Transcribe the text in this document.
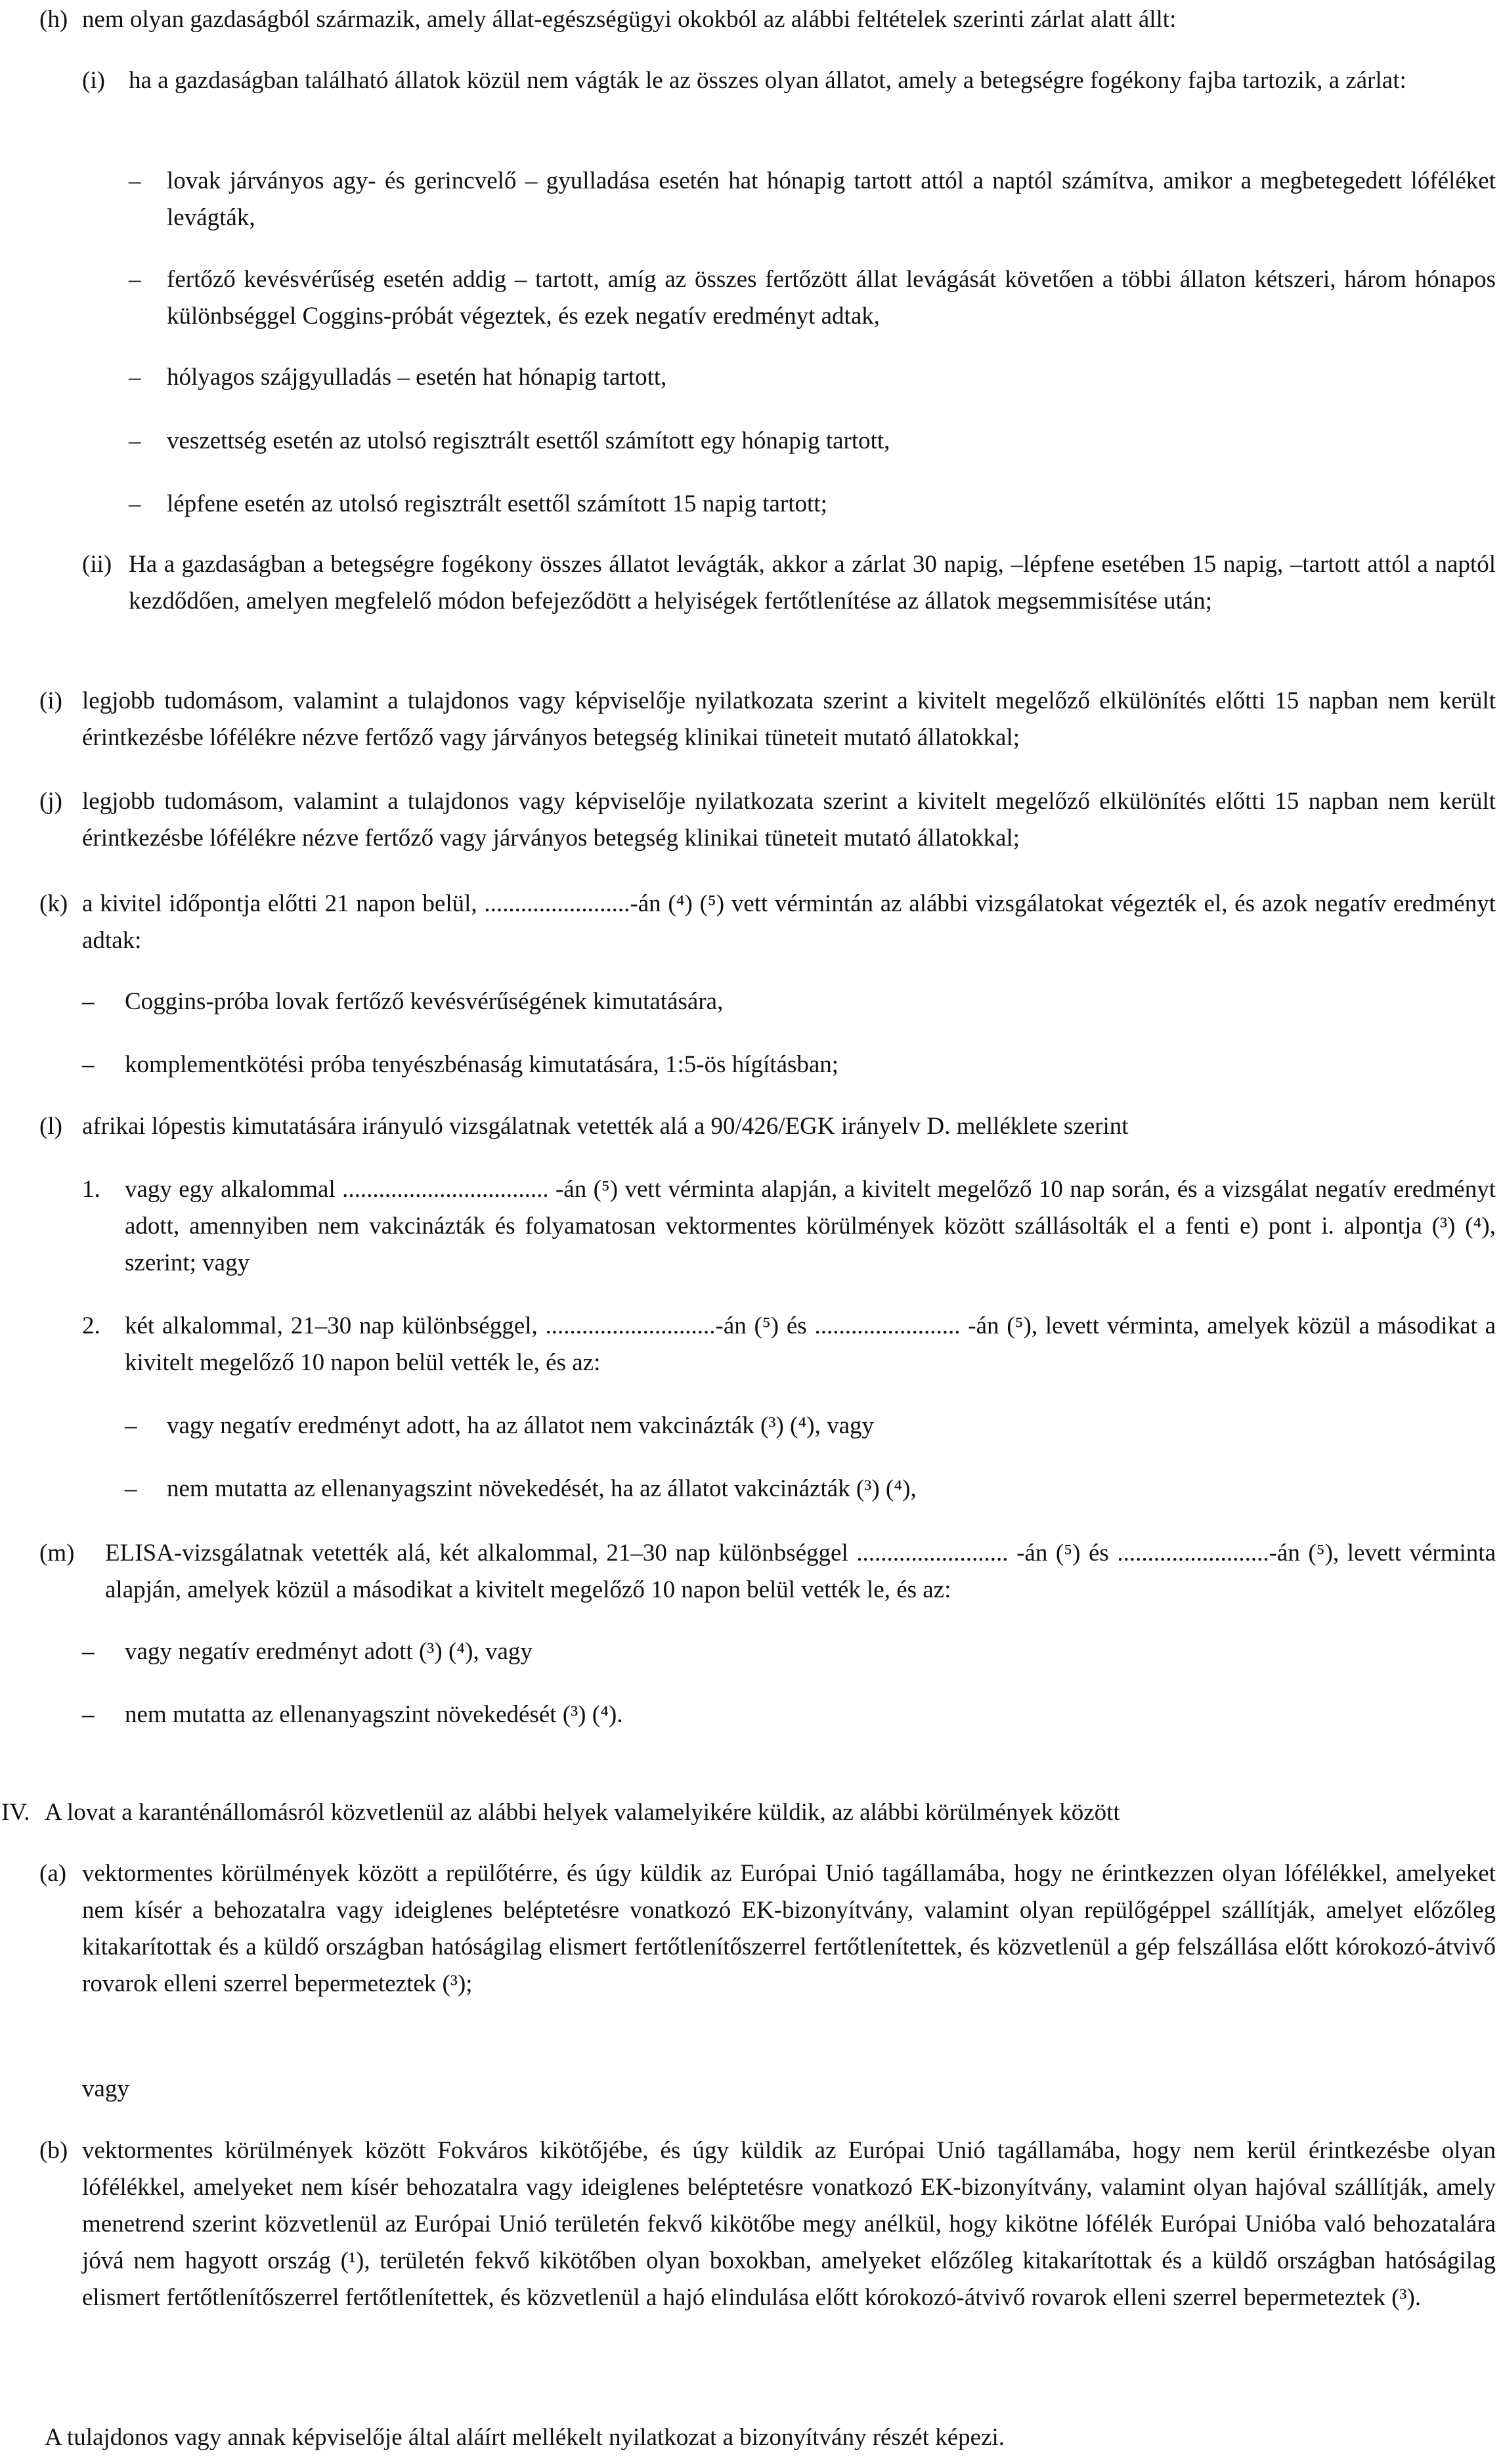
(h) nem olyan gazdaságból származik, amely állat-egészségügyi okokból az alábbi feltételek szerinti zárlat alatt állt:

(i) ha a gazdaságban található állatok közül nem vágták le az összes olyan állatot, amely a betegségre fogékony fajba tartozik, a zárlat:

– lovak járványos agy- és gerincvelő – gyulladása esetén hat hónapig tartott attól a naptól számítva, amikor a megbetegedett lóféléket levágták,

– fertőző kevésvérűség esetén addig – tartott, amíg az összes fertőzött állat levágását követően a többi állaton kétszeri, három hónapos különbséggel Coggins-próbát végeztek, és ezek negatív eredményt adtak,

– hólyagos szájgyulladás – esetén hat hónapig tartott,

– veszettség esetén az utolsó regisztrált esettől számított egy hónapig tartott,

– lépfene esetén az utolsó regisztrált esettől számított 15 napig tartott;

(ii) Ha a gazdaságban a betegségre fogékony összes állatot levágták, akkor a zárlat 30 napig, –lépfene esetében 15 napig, –tartott attól a naptól kezdődően, amelyen megfelelő módon befejeződött a helyiségek fertőtlenítése az állatok megsemmisítése után;

(i) legjobb tudomásom, valamint a tulajdonos vagy képviselője nyilatkozata szerint a kivitelt megelőző elkülönítés előtti 15 napban nem került érintkezésbe lófélékre nézve fertőző vagy járványos betegség klinikai tüneteit mutató állatokkal;

(j) legjobb tudomásom, valamint a tulajdonos vagy képviselője nyilatkozata szerint a kivitelt megelőző elkülönítés előtti 15 napban nem került érintkezésbe lófélékre nézve fertőző vagy járványos betegség klinikai tüneteit mutató állatokkal;

(k) a kivitel időpontja előtti 21 napon belül, ........................-án (⁴) (⁵) vett vérmintán az alábbi vizsgálatokat végezték el, és azok negatív eredményt adtak:

– Coggins-próba lovak fertőző kevésvérűségének kimutatására,

– komplementkötési próba tenyészbénaság kimutatására, 1:5-ös hígításban;

(l) afrikai lópestis kimutatására irányuló vizsgálatnak vetették alá a 90/426/EGK irányelv D. melléklete szerint

1. vagy egy alkalommal .................................. -án (⁵) vett vérminta alapján, a kivitelt megelőző 10 nap során, és a vizsgálat negatív eredményt adott, amennyiben nem vakcinázták és folyamatosan vektormentes körülmények között szállásolták el a fenti e) pont i. alpontja (³) (⁴), szerint; vagy

2. két alkalommal, 21–30 nap különbséggel, ............................-án (⁵) és ........................ -án (⁵), levett vérminta, amelyek közül a másodikat a kivitelt megelőző 10 napon belül vették le, és az:

– vagy negatív eredményt adott, ha az állatot nem vakcinázták (³) (⁴), vagy

– nem mutatta az ellenanyagszint növekedését, ha az állatot vakcinázták (³) (⁴),

(m) ELISA-vizsgálatnak vetették alá, két alkalommal, 21–30 nap különbséggel ......................... -án (⁵) és .........................-án (⁵), levett vérminta alapján, amelyek közül a másodikat a kivitelt megelőző 10 napon belül vették le, és az:

– vagy negatív eredményt adott (³) (⁴), vagy

– nem mutatta az ellenanyagszint növekedését (³) (⁴).

IV. A lovat a karanténállomásról közvetlenül az alábbi helyek valamelyikére küldik, az alábbi körülmények között

(a) vektormentes körülmények között a repülőtérre, és úgy küldik az Európai Unió tagállamába, hogy ne érintkezzen olyan lófélékkel, amelyeket nem kísér a behozatalra vagy ideiglenes beléptetésre vonatkozó EK-bizonyítvány, valamint olyan repülőgéppel szállítják, amelyet előzőleg kitakarítottak és a küldő országban hatóságilag elismert fertőtlenítőszerrel fertőtlenítettek, és közvetlenül a gép felszállása előtt kórokozó-átvivő rovarok elleni szerrel bepermeteztek (³);

vagy

(b) vektormentes körülmények között Fokváros kikötőjébe, és úgy küldik az Európai Unió tagállamába, hogy nem kerül érintkezésbe olyan lófélékkel, amelyeket nem kísér behozatalra vagy ideiglenes beléptetésre vonatkozó EK-bizonyítvány, valamint olyan hajóval szállítják, amely menetrend szerint közvetlenül az Európai Unió területén fekvő kikötőbe megy anélkül, hogy kikötne lófélék Európai Unióba való behozatalára jóvá nem hagyott ország (¹), területén fekvő kikötőben olyan boxokban, amelyeket előzőleg kitakarítottak és a küldő országban hatóságilag elismert fertőtlenítőszerrel fertőtlenítettek, és közvetlenül a hajó elindulása előtt kórokozó-átvivő rovarok elleni szerrel bepermeteztek (³).

A tulajdonos vagy annak képviselője által aláírt mellékelt nyilatkozat a bizonyítvány részét képezi.
